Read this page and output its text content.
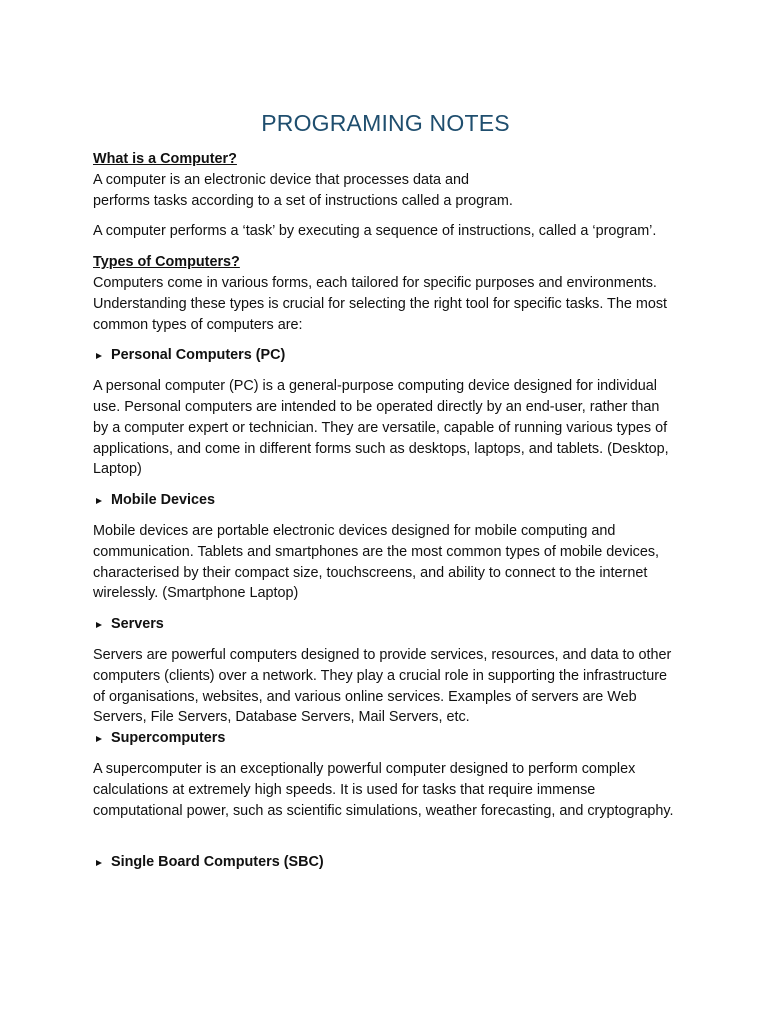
PROGRAMING NOTES
What is a Computer?

A computer is an electronic device that processes data and

performs tasks according to a set of instructions called a program.

A computer performs a ‘task’ by executing a sequence of instructions, called a ‘program’.

Types of Computers?

Computers come in various forms, each tailored for specific purposes and environments.

Understanding these types is crucial for selecting the right tool for specific tasks. The most common types of computers are:

Personal Computers (PC)

A personal computer (PC) is a general-purpose computing device designed for individual use. Personal computers are intended to be operated directly by an end-user, rather than by a computer expert or technician. They are versatile, capable of running various types of applications, and come in different forms such as desktops, laptops, and tablets. (Desktop, Laptop)

Mobile Devices

Mobile devices are portable electronic devices designed for mobile computing and communication. Tablets and smartphones are the most common types of mobile devices, characterised by their compact size, touchscreens, and ability to connect to the internet wirelessly. (Smartphone Laptop)

Servers

Servers are powerful computers designed to provide services, resources, and data to other computers (clients) over a network. They play a crucial role in supporting the infrastructure of organisations, websites, and various online services. Examples of servers are Web Servers, File Servers, Database Servers, Mail Servers, etc.

Supercomputers

A supercomputer is an exceptionally powerful computer designed to perform complex calculations at extremely high speeds. It is used for tasks that require immense computational power, such as scientific simulations, weather forecasting, and cryptography.

Single Board Computers (SBC)
